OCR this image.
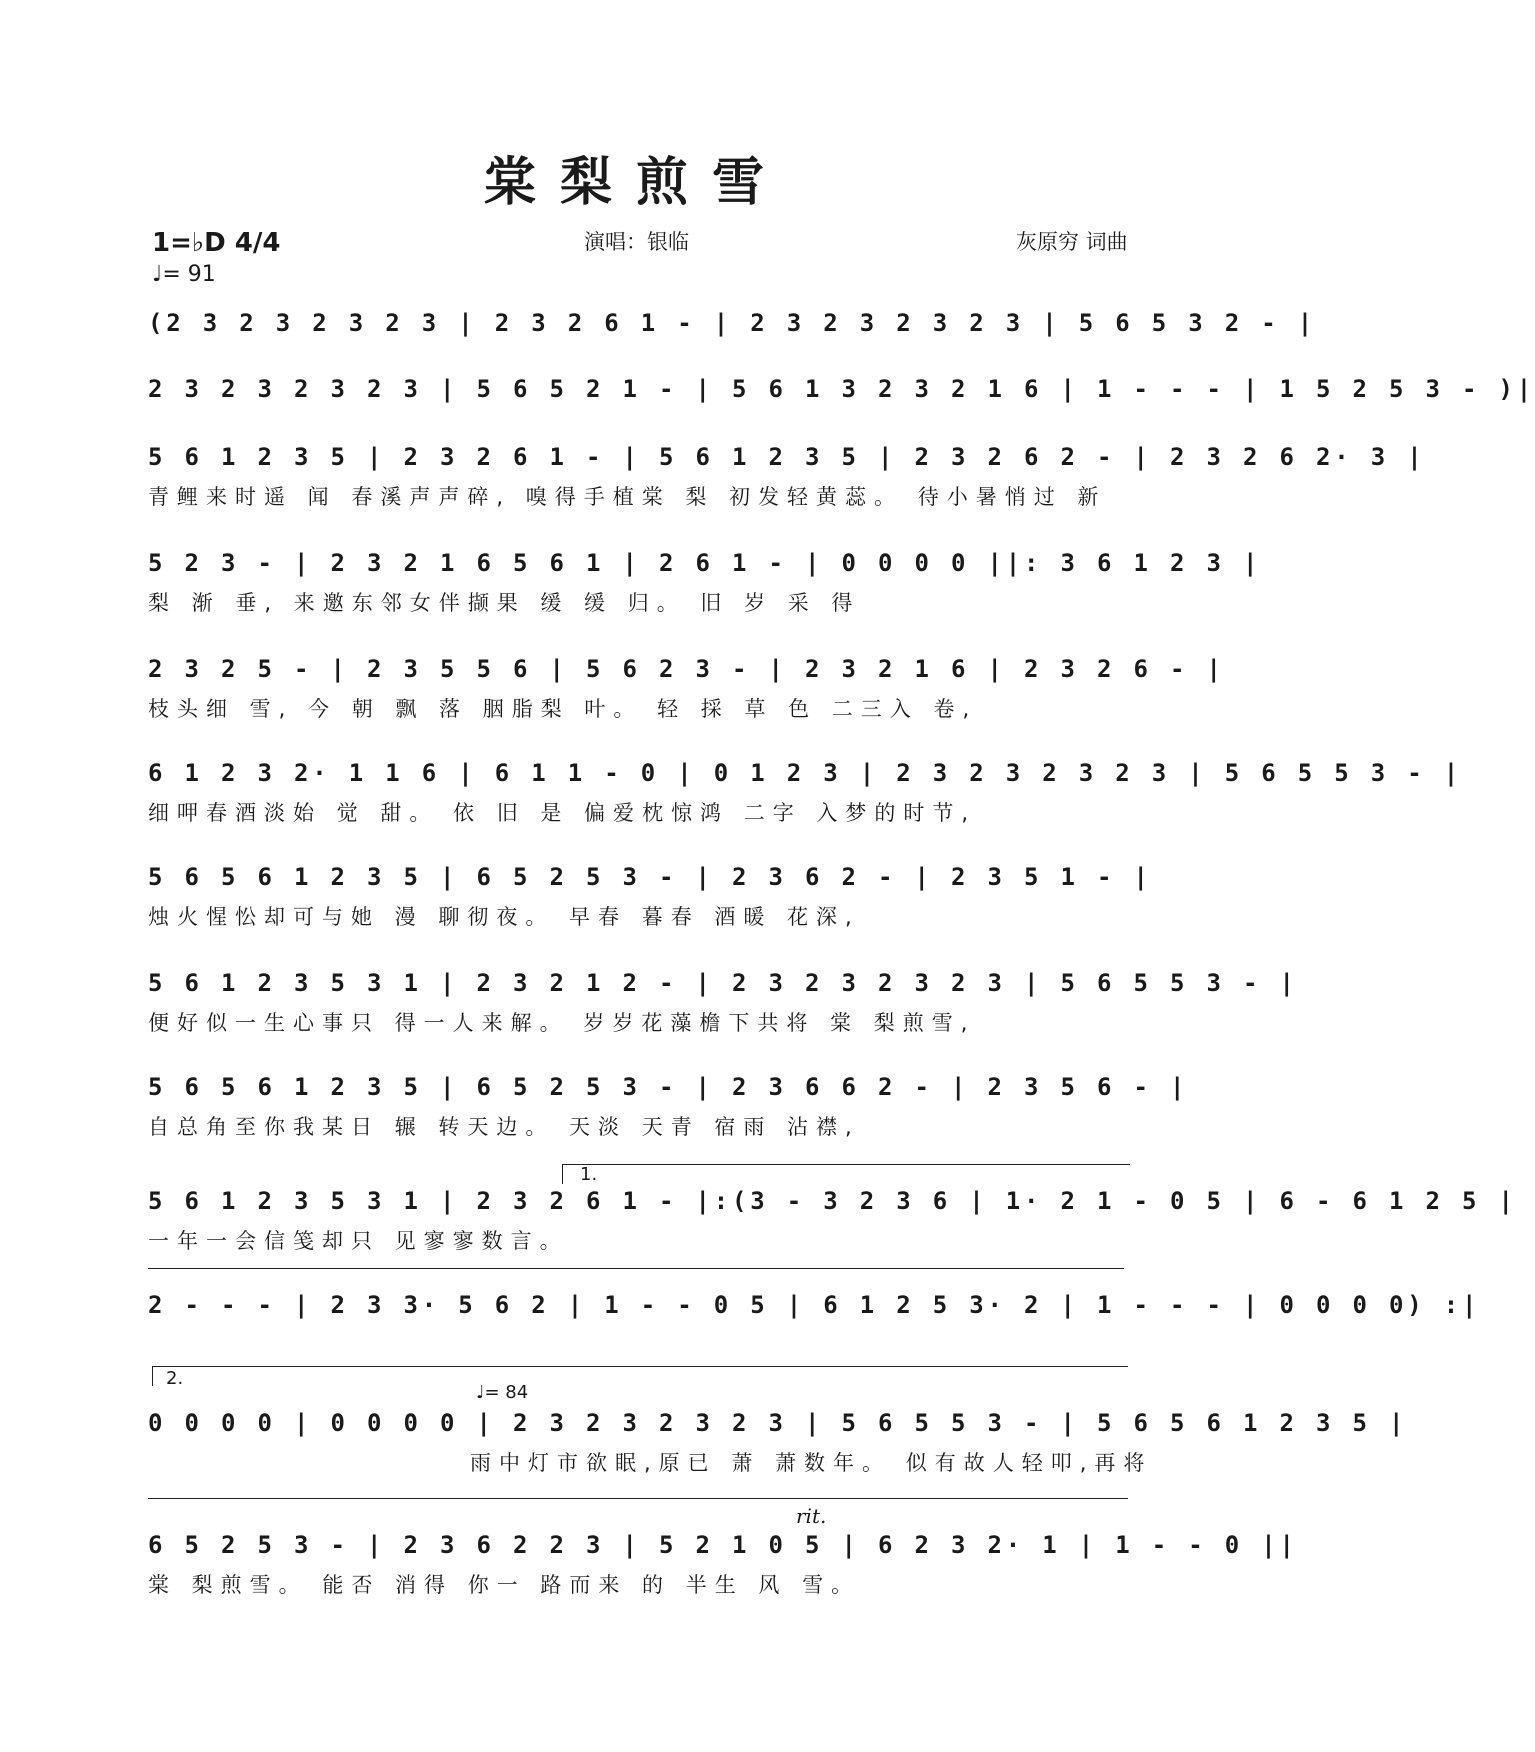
棠梨煎雪
1=♭D 4/4
♩= 91
演唱：银临	灰原穷 词曲
(2 3 2 3 2 3 2 3 | 2 3 2 6 1 - | 2 3 2 3 2 3 2 3 | 5 6 5 3 2 - |
2 3 2 3 2 3 2 3 | 5 6 5 2 1 - | 5 6 1 3 2 3 2 1 6 | 1 - - - | 1 5 2 5 3 - )|
5 6 1 2 3 5 | 2 3 2 6 1 - | 5 6 1 2 3 5 | 2 3 2 6 2 - | 2 3 2 6 2· 3 |
青鲤来时遥 闻 春溪声声碎, 嗅得手植棠 梨 初发轻黄蕊。 待小暑悄过 新
5 2 3 - | 2 3 2 1 6 5 6 1 | 2 6 1 - | 0 0 0 0 ||: 3 6 1 2 3 |
梨 渐 垂, 来邀东邻女伴撷果 缓 缓 归。 旧 岁 采 得
2 3 2 5 - | 2 3 5 5 6 | 5 6 2 3 - | 2 3 2 1 6 | 2 3 2 6 - |
枝头细 雪, 今 朝 飘 落 胭脂梨 叶。 轻 採 草 色 二三入 卷,
6 1 2 3 2· 1 1 6 | 6 1 1 - 0 | 0 1 2 3 | 2 3 2 3 2 3 2 3 | 5 6 5 5 3 - |
细呷春酒淡始 觉 甜。 依 旧 是 偏爱枕惊鸿 二字 入梦的时节,
5 6 5 6 1 2 3 5 | 6 5 2 5 3 - | 2 3 6 2 - | 2 3 5 1 - |
烛火惺忪却可与她 漫 聊彻夜。 早春 暮春 酒暖 花深,
5 6 1 2 3 5 3 1 | 2 3 2 1 2 - | 2 3 2 3 2 3 2 3 | 5 6 5 5 3 - |
便好似一生心事只 得一人来解。 岁岁花藻檐下共将 棠 梨煎雪,
5 6 5 6 1 2 3 5 | 6 5 2 5 3 - | 2 3 6 6 2 - | 2 3 5 6 - |
自总角至你我某日 辗 转天边。 天淡 天青 宿雨 沾襟,
1.
5 6 1 2 3 5 3 1 | 2 3 2 6 1 - |:(3 - 3 2 3 6 | 1· 2 1 - 0 5 | 6 - 6 1 2 5 |
一年一会信笺却只 见寥寥数言。
2 - - - | 2 3 3· 5 6 2 | 1 - - 0 5 | 6 1 2 5 3· 2 | 1 - - - | 0 0 0 0) :|
2.
♩= 84
0 0 0 0 | 0 0 0 0 | 2 3 2 3 2 3 2 3 | 5 6 5 5 3 - | 5 6 5 6 1 2 3 5 |
雨中灯市欲眠,原已 萧 萧数年。 似有故人轻叩,再将
rit.
6 5 2 5 3 - | 2 3 6 2 2 3 | 5 2 1 0 5 | 6 2 3 2· 1 | 1 - - 0 ||
棠 梨煎雪。 能否 消得 你一 路而来 的 半生 风 雪。
